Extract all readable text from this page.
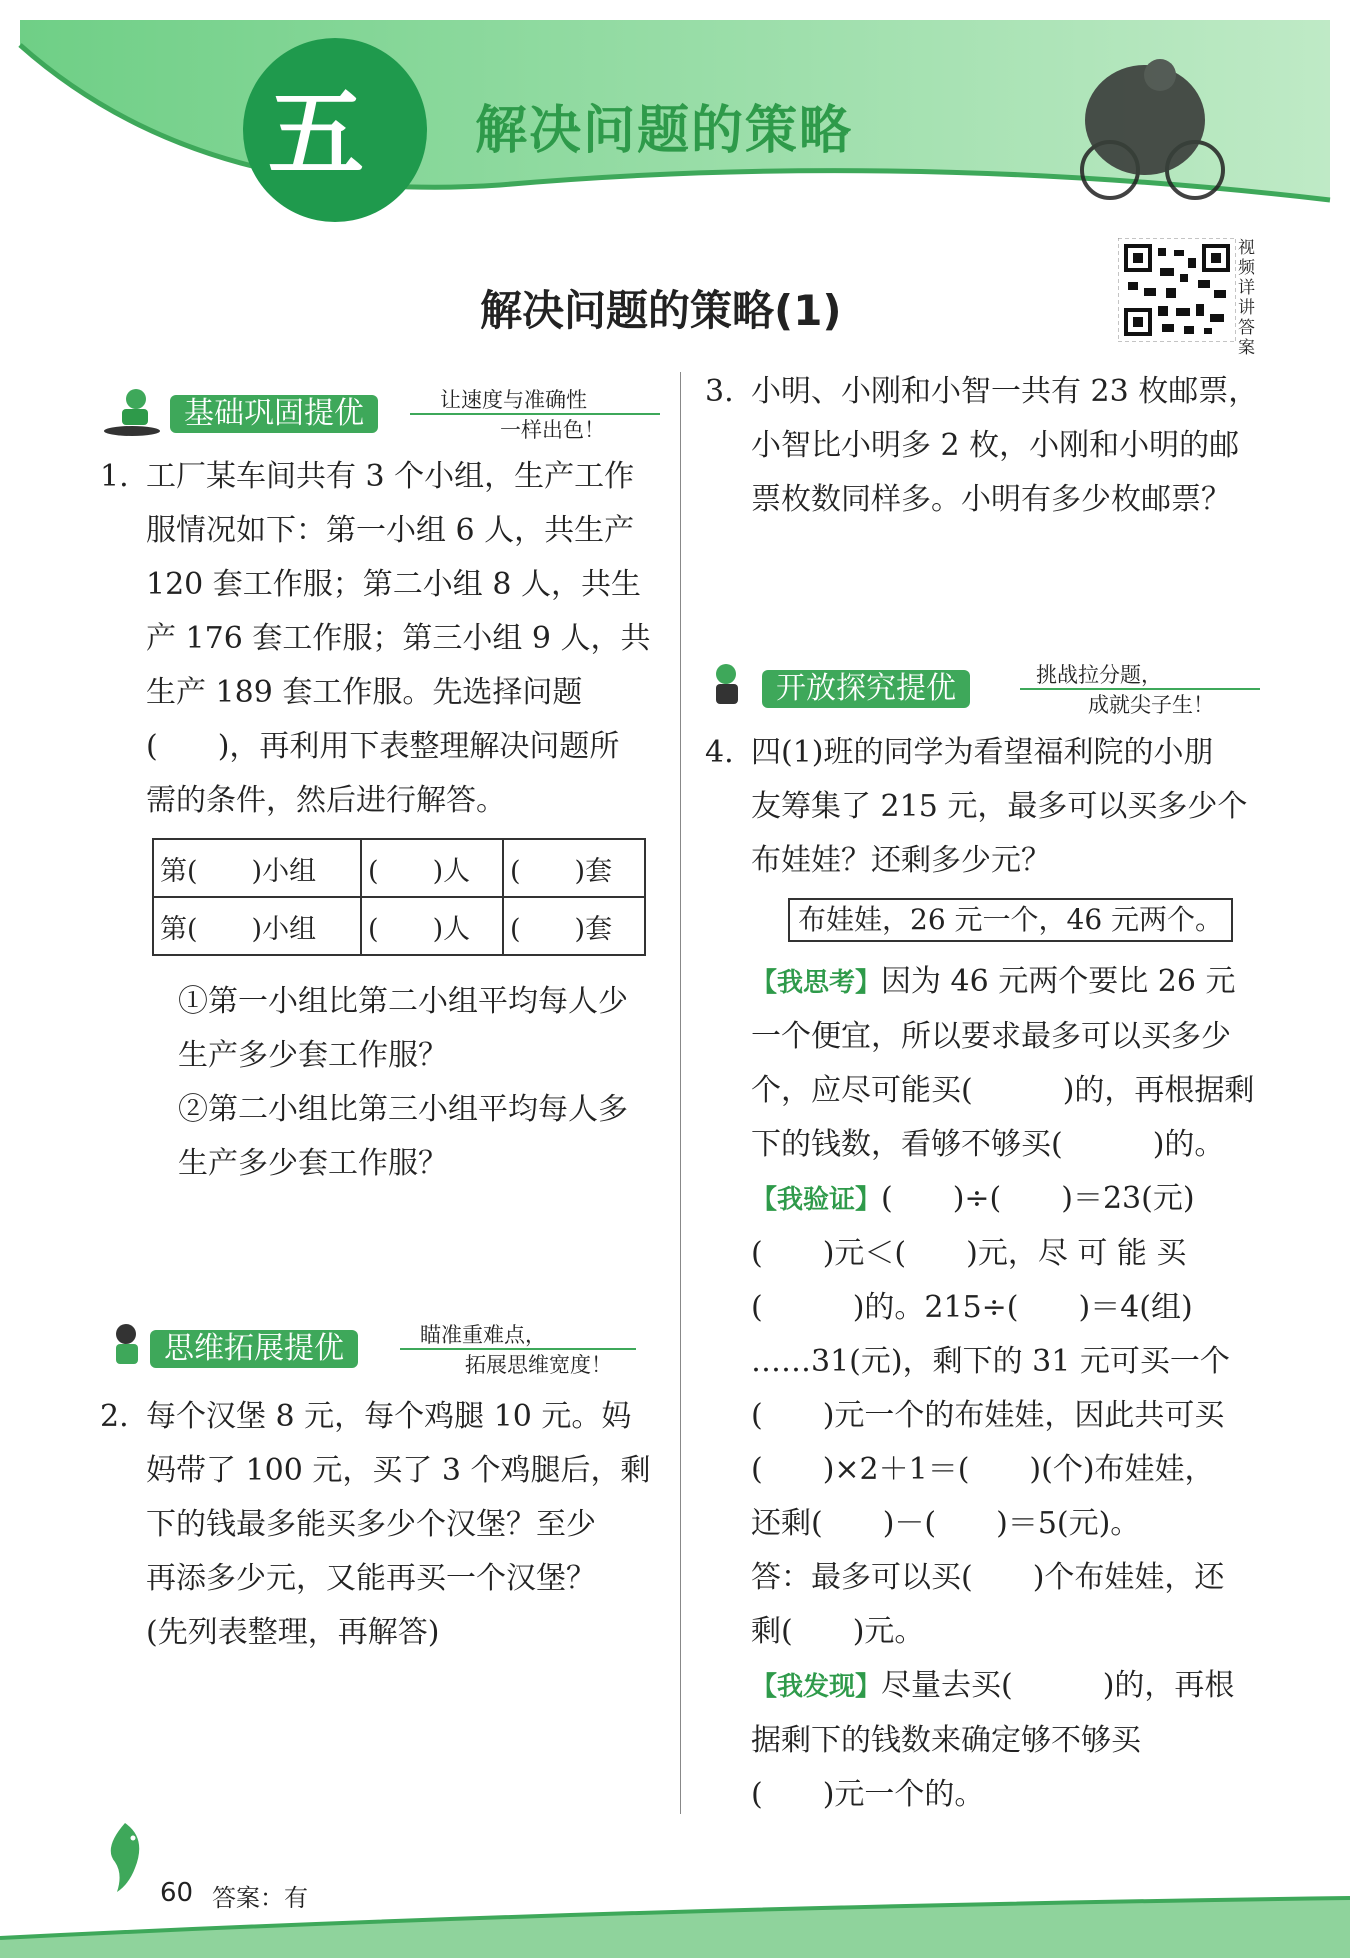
五 解决问题的策略
解决问题的策略(1)
视频详讲答案
基础巩固提优	让速度与准确性
一样出色！
1. 工厂某车间共有 3 个小组，生产工作

服情况如下：第一小组 6 人，共生产

120 套工作服；第二小组 8 人，共生

产 176 套工作服；第三小组 9 人，共

生产 189 套工作服。先选择问题

(　　)，再利用下表整理解决问题所

需的条件，然后进行解答。

第(　　)小组	(　　)人	(　　)套
第(　　)小组	(　　)人	(　　)套

①第一小组比第二小组平均每人少

生产多少套工作服？

②第二小组比第三小组平均每人多

生产多少套工作服？

思维拓展提优	瞄准重难点，
拓展思维宽度！
2. 每个汉堡 8 元，每个鸡腿 10 元。妈

妈带了 100 元，买了 3 个鸡腿后，剩

下的钱最多能买多少个汉堡？至少

再添多少元，又能再买一个汉堡？

(先列表整理，再解答)

3. 小明、小刚和小智一共有 23 枚邮票，

小智比小明多 2 枚，小刚和小明的邮

票枚数同样多。小明有多少枚邮票？

开放探究提优	挑战拉分题，
成就尖子生！
4. 四(1)班的同学为看望福利院的小朋

友筹集了 215 元，最多可以买多少个

布娃娃？还剩多少元？

布娃娃，26 元一个，46 元两个。

【我思考】因为 46 元两个要比 26 元

一个便宜，所以要求最多可以买多少

个，应尽可能买(　　　)的，再根据剩

下的钱数，看够不够买(　　　)的。

【我验证】(　　)÷(　　)＝23(元)

(　　)元＜(　　)元，尽 可 能 买

(　　　)的。215÷(　　)＝4(组)

……31(元)，剩下的 31 元可买一个

(　　)元一个的布娃娃，因此共可买

(　　)×2＋1＝(　　)(个)布娃娃，

还剩(　　)－(　　)＝5(元)。

答：最多可以买(　　)个布娃娃，还

剩(　　)元。

【我发现】尽量去买(　　　)的，再根

据剩下的钱数来确定够不够买

(　　)元一个的。

60 答案：有
